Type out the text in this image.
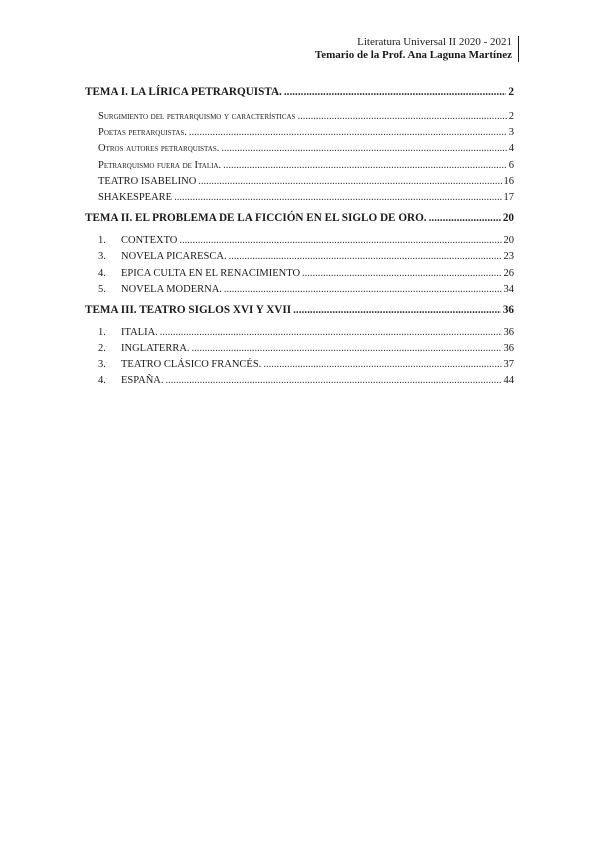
Literatura Universal II 2020 - 2021
Temario de la Prof. Ana Laguna Martínez
TEMA I. LA LÍRICA PETRARQUISTA. .....	2
Surgimiento del petrarquismo y características .....	2
Poetas petrarquistas. .....	3
Otros autores petrarquistas. .....	4
Petrarquismo fuera de Italia. .....	6
TEATRO ISABELINO .....	16
SHAKESPEARE .....	17
TEMA II. EL PROBLEMA DE LA FICCIÓN EN EL SIGLO DE ORO. .....	20
1. CONTEXTO .....	20
3. NOVELA PICARESCA. .....	23
4. EPICA CULTA EN EL RENACIMIENTO .....	26
5. NOVELA MODERNA. .....	34
TEMA III. TEATRO SIGLOS XVI Y XVII .....	36
1. ITALIA. .....	36
2. INGLATERRA. .....	36
3. TEATRO CLÁSICO FRANCÉS. .....	37
4. ESPAÑA. .....	44
